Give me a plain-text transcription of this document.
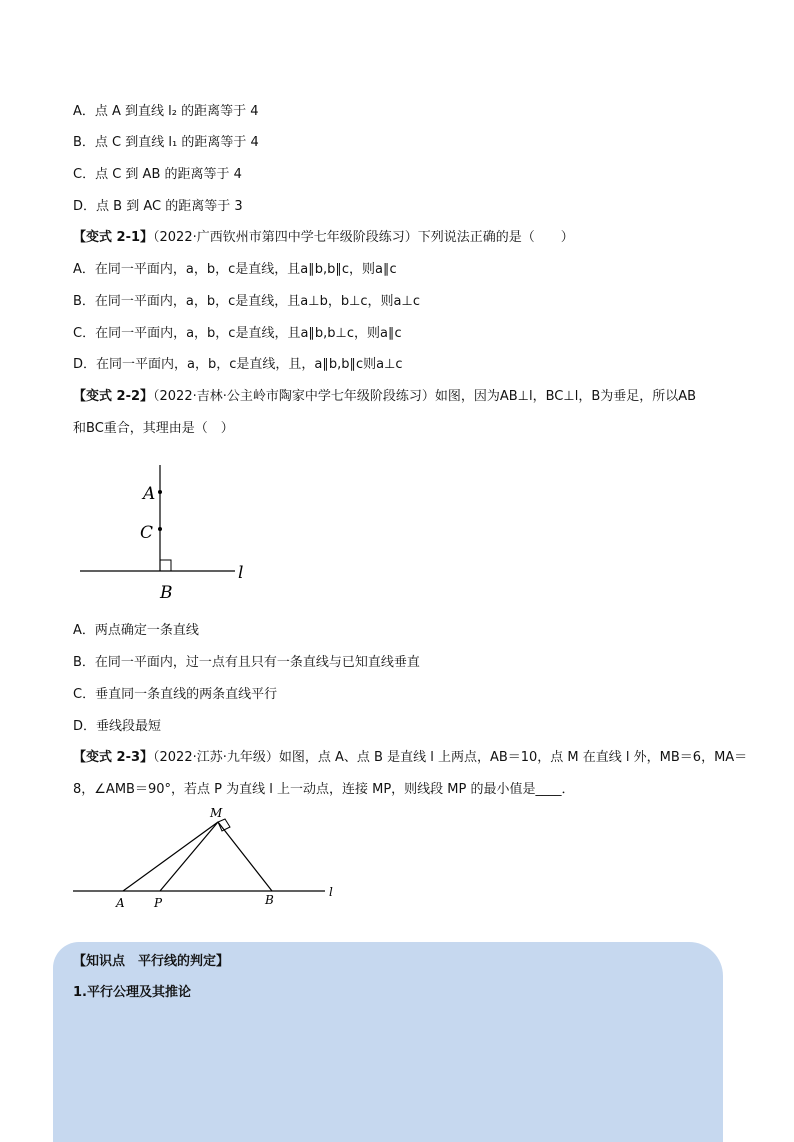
A．点 A 到直线 l₂ 的距离等于 4
B．点 C 到直线 l₁ 的距离等于 4
C．点 C 到 AB 的距离等于 4
D．点 B 到 AC 的距离等于 3
【变式 2-1】（2022·广西钦州市第四中学七年级阶段练习）下列说法正确的是（　　）
A．在同一平面内，a，b，c是直线，且a∥b,b∥c，则a∥c
B．在同一平面内，a，b，c是直线，且a⊥b，b⊥c，则a⊥c
C．在同一平面内，a，b，c是直线，且a∥b,b⊥c，则a∥c
D．在同一平面内，a，b，c是直线，且，a∥b,b∥c则a⊥c
【变式 2-2】（2022·吉林·公主岭市陶家中学七年级阶段练习）如图，因为AB⊥l，BC⊥l，B为垂足，所以AB
和BC重合，其理由是（　）
A
C
B
l
A．两点确定一条直线
B．在同一平面内，过一点有且只有一条直线与已知直线垂直
C．垂直同一条直线的两条直线平行
D．垂线段最短
【变式 2-3】（2022·江苏·九年级）如图，点 A、点 B 是直线 l 上两点，AB＝10，点 M 在直线 l 外，MB＝6，MA＝
8，∠AMB＝90°，若点 P 为直线 l 上一动点，连接 MP，则线段 MP 的最小值是____．
M
A P	B
l
【知识点　平行线的判定】
1.平行公理及其推论
